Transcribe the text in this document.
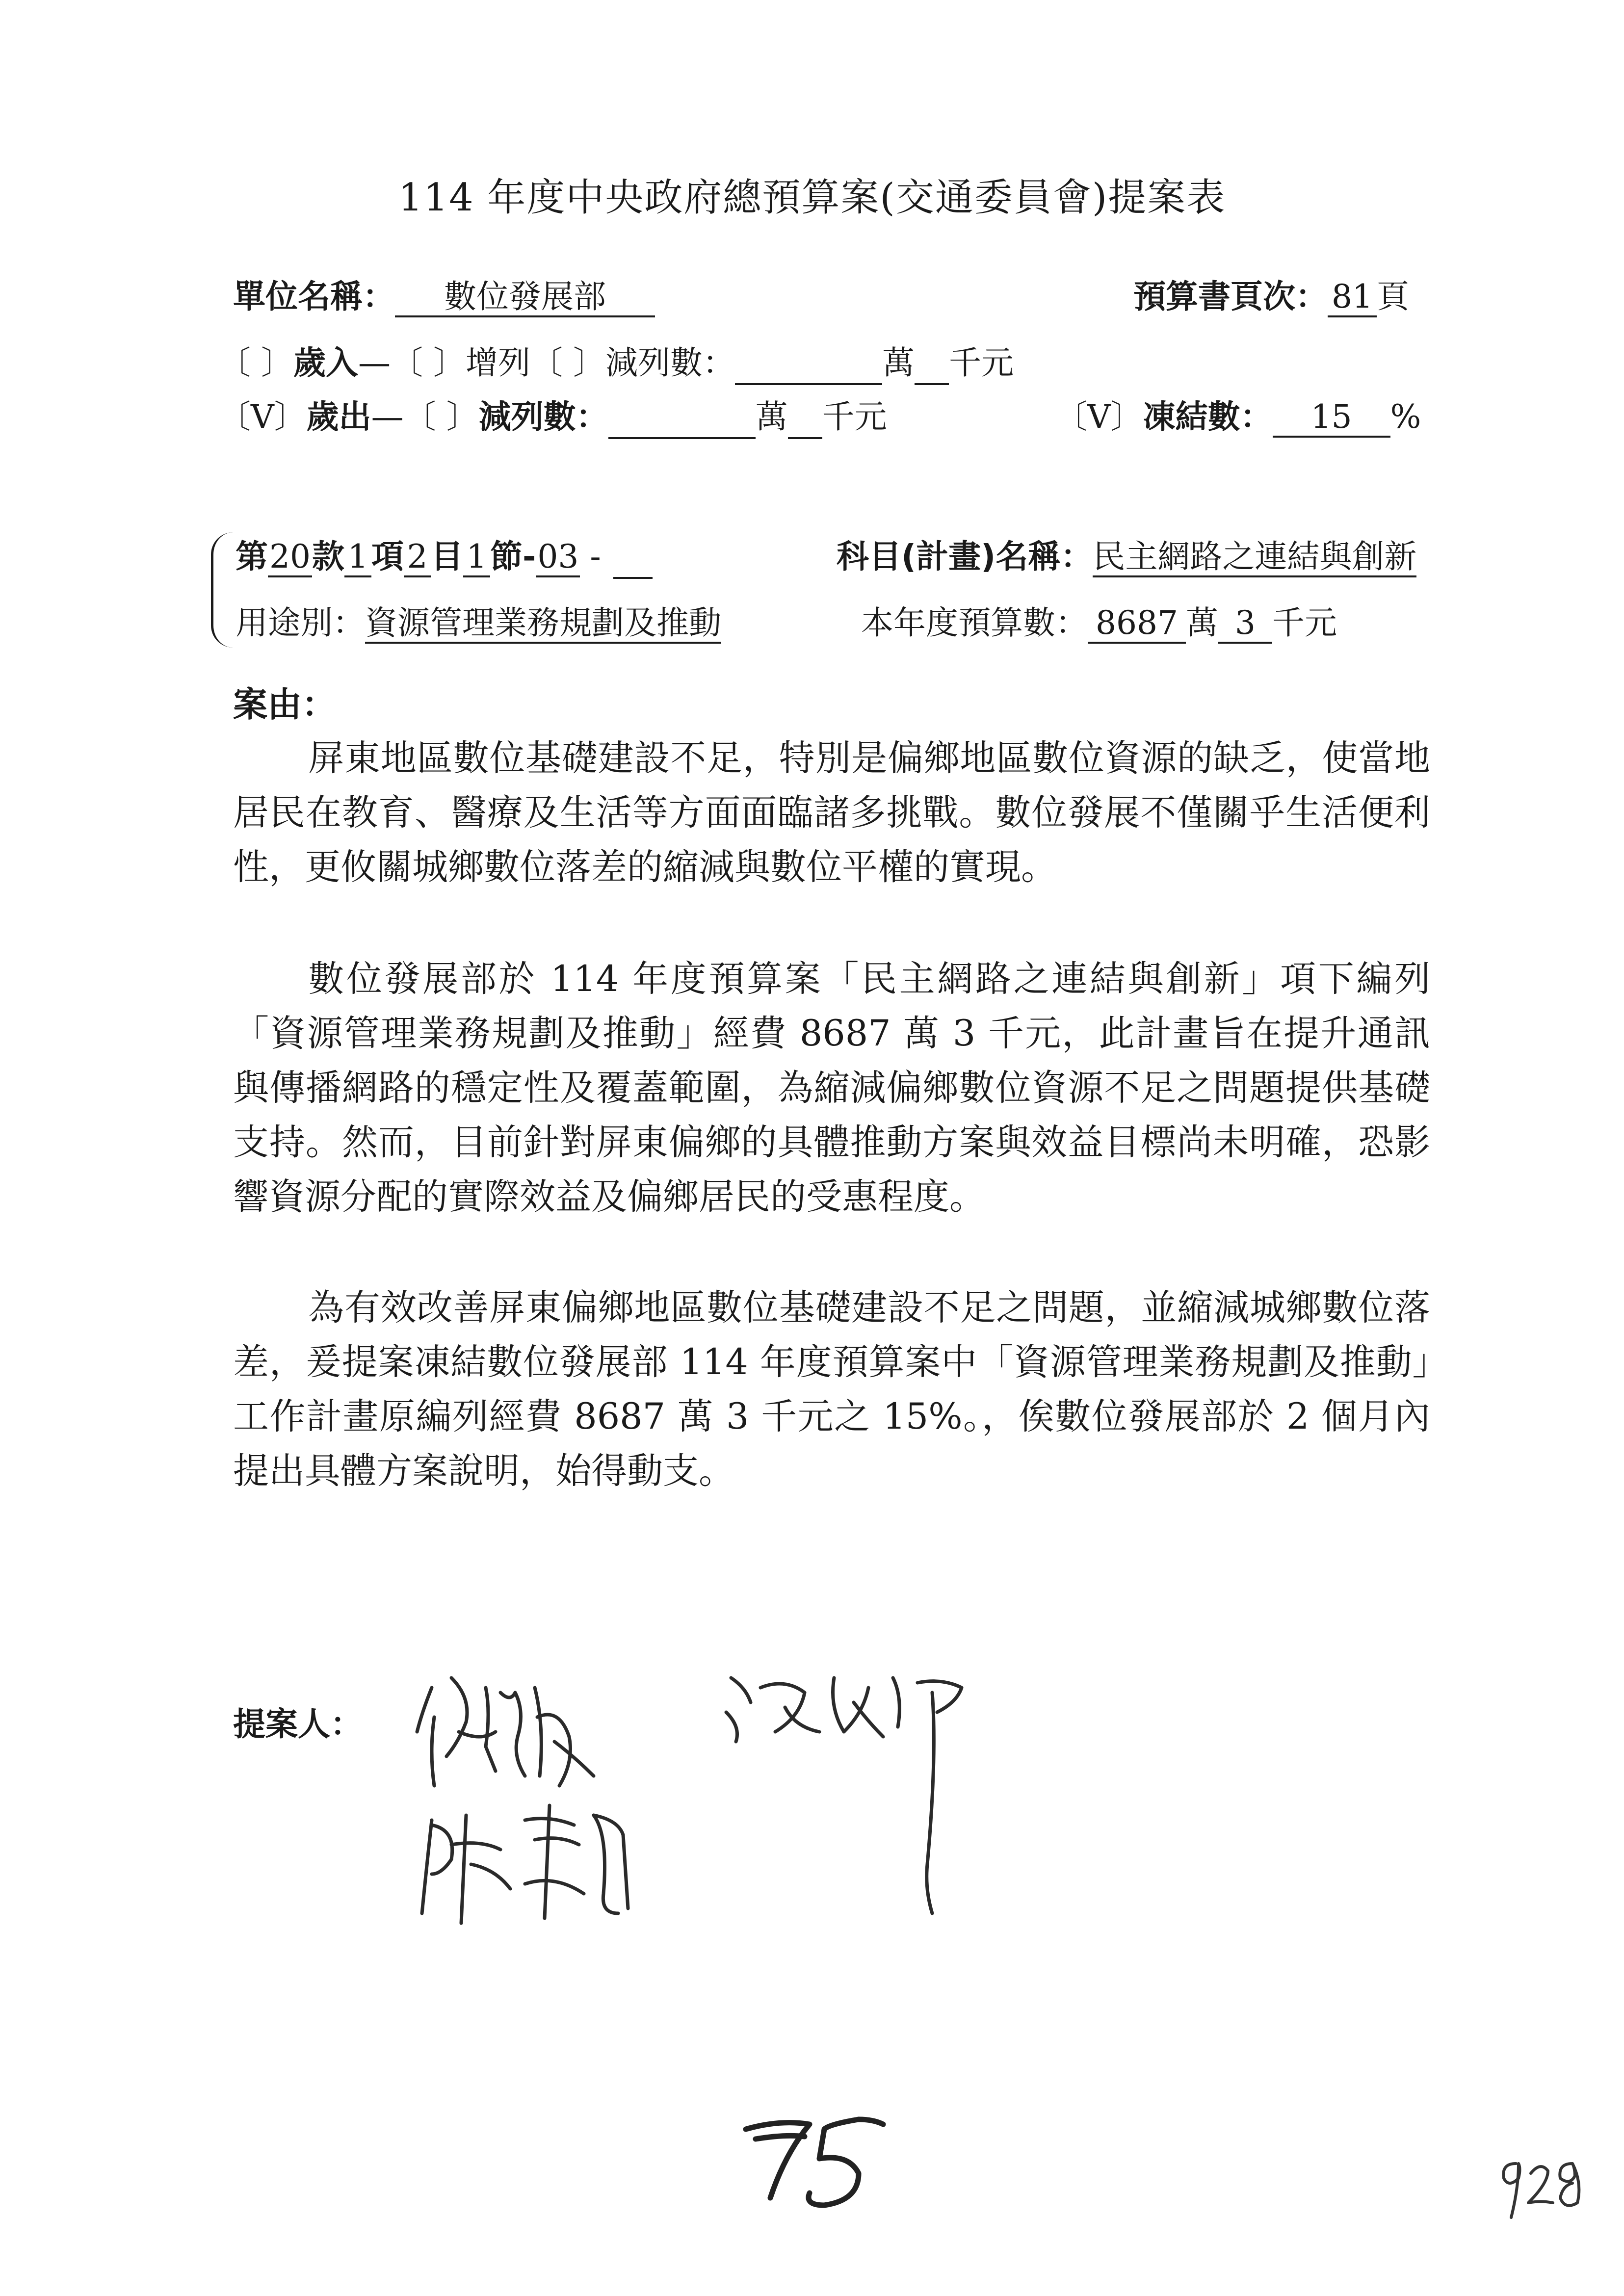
114 年度中央政府總預算案(交通委員會)提案表
單位名稱： 數位發展部	預算書頁次： 81 頁
〔 〕歲入—〔 〕增列〔 〕減列數：	萬 千元
〔V〕歲出—〔 〕減列數：	萬 千元	〔V〕凍結數： 15 %
第20款1項2目1節-03 -	科目(計畫)名稱：民主網路之連結與創新
用途別：資源管理業務規劃及推動	本年度預算數： 8687 萬 3 千元
案由：
屏東地區數位基礎建設不足，特別是偏鄉地區數位資源的缺乏，使當地居民在教育、醫療及生活等方面面臨諸多挑戰。數位發展不僅關乎生活便利性，更攸關城鄉數位落差的縮減與數位平權的實現。
數位發展部於 114 年度預算案「民主網路之連結與創新」項下編列「資源管理業務規劃及推動」經費 8687 萬 3 千元，此計畫旨在提升通訊與傳播網路的穩定性及覆蓋範圍，為縮減偏鄉數位資源不足之問題提供基礎支持。然而，目前針對屏東偏鄉的具體推動方案與效益目標尚未明確，恐影響資源分配的實際效益及偏鄉居民的受惠程度。
為有效改善屏東偏鄉地區數位基礎建設不足之問題，並縮減城鄉數位落差，爰提案凍結數位發展部 114 年度預算案中「資源管理業務規劃及推動」工作計畫原編列經費 8687 萬 3 千元之 15%。，俟數位發展部於 2 個月內提出具體方案說明，始得動支。
提案人：
